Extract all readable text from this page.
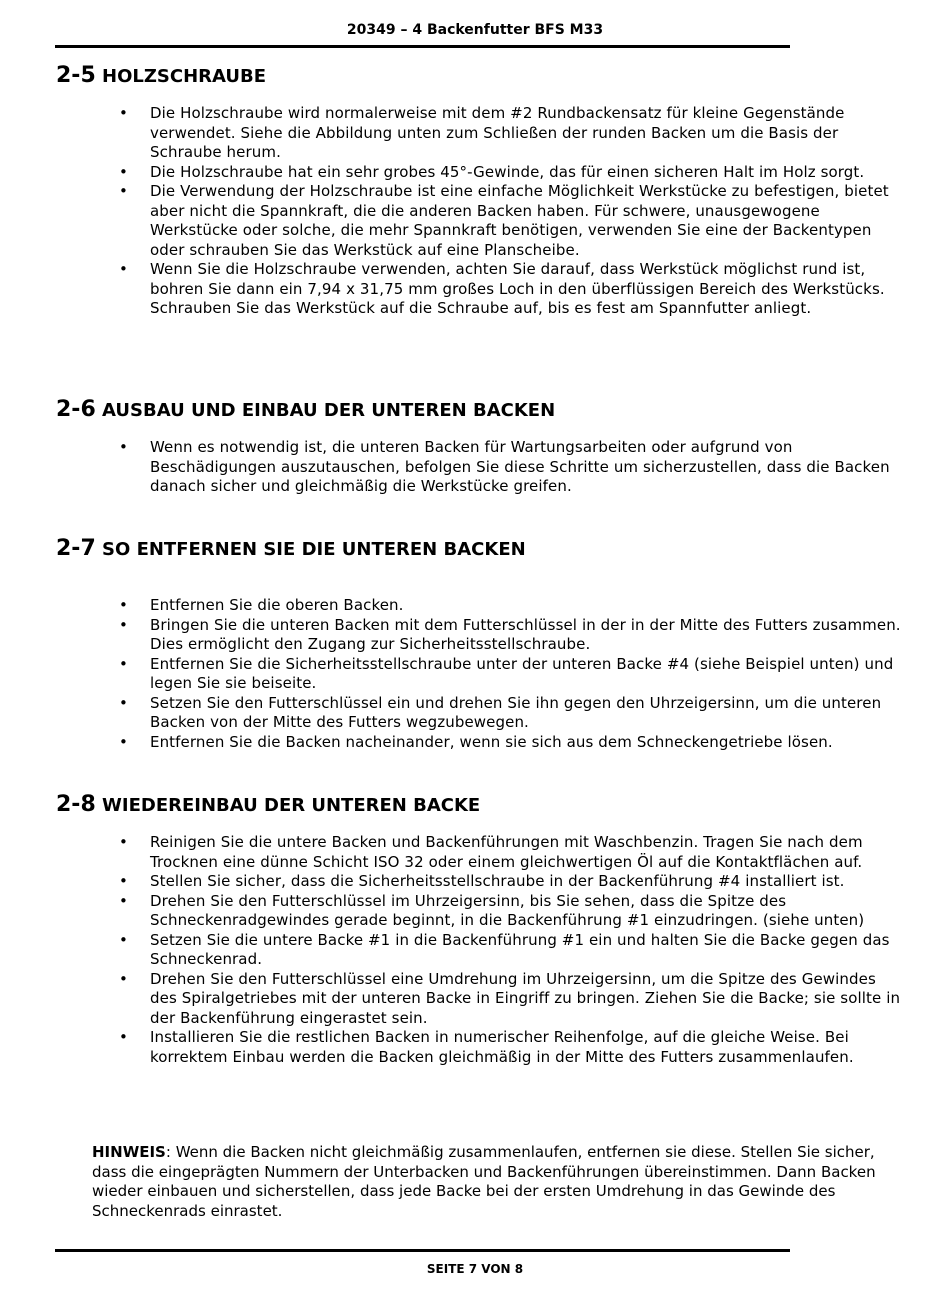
20349 – 4 Backenfutter BFS M33
2-5 HOLZSCHRAUBE
• Die Holzschraube wird normalerweise mit dem #2 Rundbackensatz für kleine Gegenstände verwendet. Siehe die Abbildung unten zum Schließen der runden Backen um die Basis der Schraube herum.
• Die Holzschraube hat ein sehr grobes 45°-Gewinde, das für einen sicheren Halt im Holz sorgt.
• Die Verwendung der Holzschraube ist eine einfache Möglichkeit Werkstücke zu befestigen, bietet aber nicht die Spannkraft, die die anderen Backen haben. Für schwere, unausgewogene Werkstücke oder solche, die mehr Spannkraft benötigen, verwenden Sie eine der Backentypen oder schrauben Sie das Werkstück auf eine Planscheibe.
• Wenn Sie die Holzschraube verwenden, achten Sie darauf, dass Werkstück möglichst rund ist, bohren Sie dann ein 7,94 x 31,75 mm großes Loch in den überflüssigen Bereich des Werkstücks. Schrauben Sie das Werkstück auf die Schraube auf, bis es fest am Spannfutter anliegt.
2-6 AUSBAU UND EINBAU DER UNTEREN BACKEN
• Wenn es notwendig ist, die unteren Backen für Wartungsarbeiten oder aufgrund von Beschädigungen auszutauschen, befolgen Sie diese Schritte um sicherzustellen, dass die Backen danach sicher und gleichmäßig die Werkstücke greifen.
2-7 SO ENTFERNEN SIE DIE UNTEREN BACKEN
• Entfernen Sie die oberen Backen.
• Bringen Sie die unteren Backen mit dem Futterschlüssel in der in der Mitte des Futters zusammen. Dies ermöglicht den Zugang zur Sicherheitsstellschraube.
• Entfernen Sie die Sicherheitsstellschraube unter der unteren Backe #4 (siehe Beispiel unten) und legen Sie sie beiseite.
• Setzen Sie den Futterschlüssel ein und drehen Sie ihn gegen den Uhrzeigersinn, um die unteren Backen von der Mitte des Futters wegzubewegen.
• Entfernen Sie die Backen nacheinander, wenn sie sich aus dem Schneckengetriebe lösen.
2-8 WIEDEREINBAU DER UNTEREN BACKE
• Reinigen Sie die untere Backen und Backenführungen mit Waschbenzin. Tragen Sie nach dem Trocknen eine dünne Schicht ISO 32 oder einem gleichwertigen Öl auf die Kontaktflächen auf.
• Stellen Sie sicher, dass die Sicherheitsstellschraube in der Backenführung #4 installiert ist.
• Drehen Sie den Futterschlüssel im Uhrzeigersinn, bis Sie sehen, dass die Spitze des Schneckenradgewindes gerade beginnt, in die Backenführung #1 einzudringen. (siehe unten)
• Setzen Sie die untere Backe #1 in die Backenführung #1 ein und halten Sie die Backe gegen das Schneckenrad.
• Drehen Sie den Futterschlüssel eine Umdrehung im Uhrzeigersinn, um die Spitze des Gewindes des Spiralgetriebes mit der unteren Backe in Eingriff zu bringen. Ziehen Sie die Backe; sie sollte in der Backenführung eingerastet sein.
• Installieren Sie die restlichen Backen in numerischer Reihenfolge, auf die gleiche Weise. Bei korrektem Einbau werden die Backen gleichmäßig in der Mitte des Futters zusammenlaufen.
HINWEIS: Wenn die Backen nicht gleichmäßig zusammenlaufen, entfernen sie diese. Stellen Sie sicher, dass die eingeprägten Nummern der Unterbacken und Backenführungen übereinstimmen. Dann Backen wieder einbauen und sicherstellen, dass jede Backe bei der ersten Umdrehung in das Gewinde des Schneckenrads einrastet.
SEITE 7 VON 8
